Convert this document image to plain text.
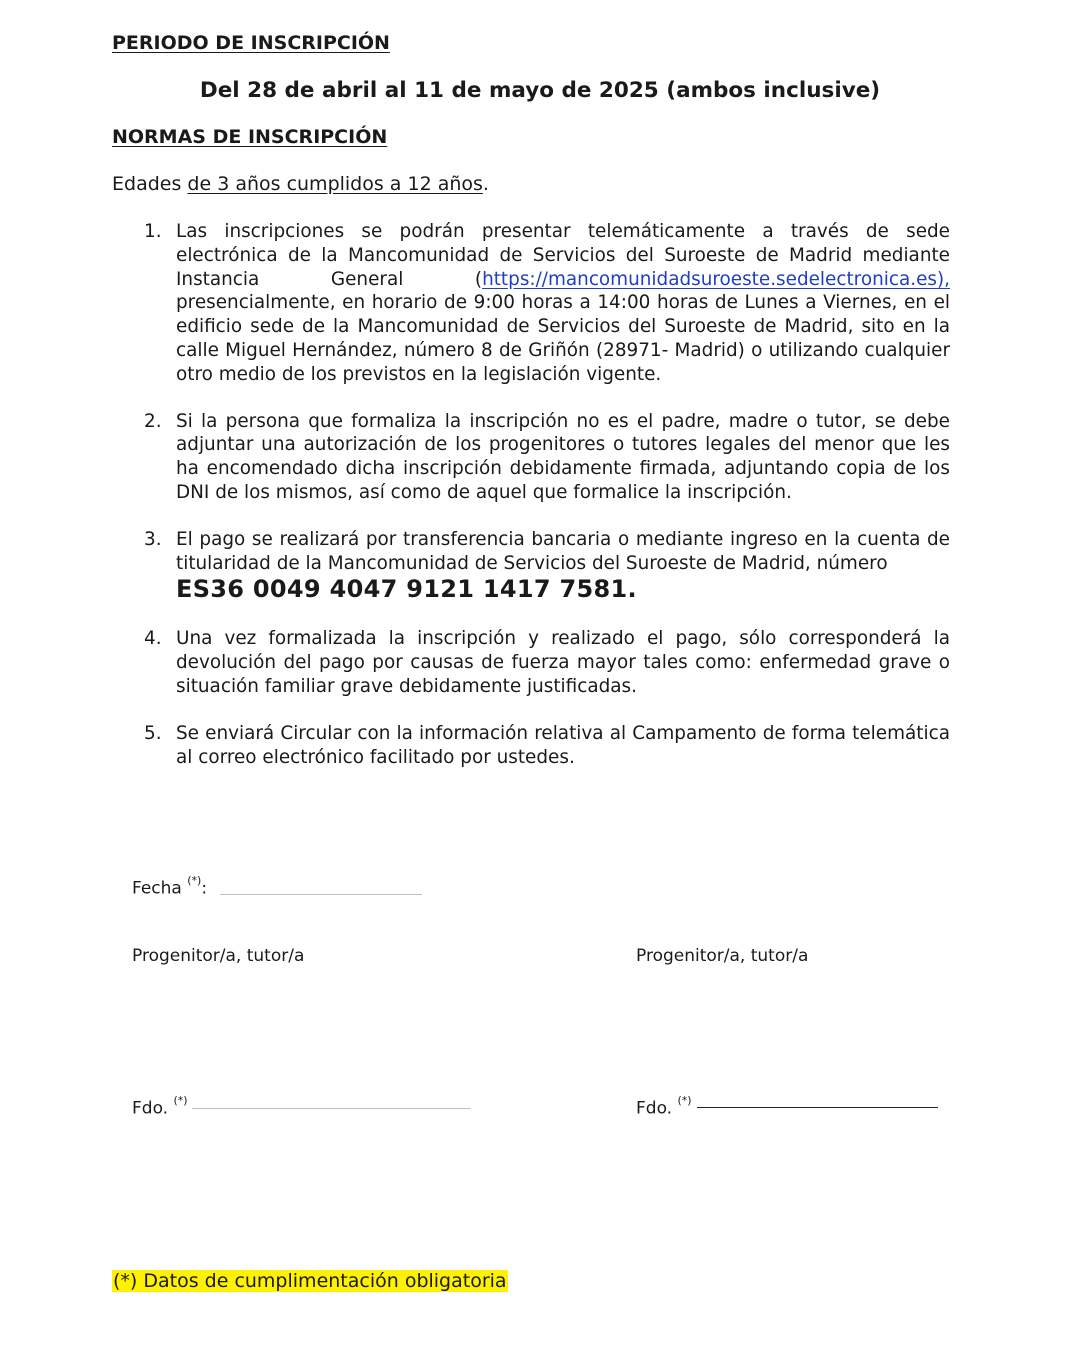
PERIODO DE INSCRIPCIÓN

Del 28 de abril al 11 de mayo de 2025 (ambos inclusive)

NORMAS DE INSCRIPCIÓN

Edades de 3 años cumplidos a 12 años.

1. Las inscripciones se podrán presentar telemáticamente a través de sede electrónica de la Mancomunidad de Servicios del Suroeste de Madrid mediante Instancia General (https://mancomunidadsuroeste.sedelectronica.es), presencialmente, en horario de 9:00 horas a 14:00 horas de Lunes a Viernes, en el edificio sede de la Mancomunidad de Servicios del Suroeste de Madrid, sito en la calle Miguel Hernández, número 8 de Griñón (28971- Madrid) o utilizando cualquier otro medio de los previstos en la legislación vigente.
2. Si la persona que formaliza la inscripción no es el padre, madre o tutor, se debe adjuntar una autorización de los progenitores o tutores legales del menor que les ha encomendado dicha inscripción debidamente firmada, adjuntando copia de los DNI de los mismos, así como de aquel que formalice la inscripción.
3. El pago se realizará por transferencia bancaria o mediante ingreso en la cuenta de titularidad de la Mancomunidad de Servicios del Suroeste de Madrid, número
ES36 0049 4047 9121 1417 7581.
4. Una vez formalizada la inscripción y realizado el pago, sólo corresponderá la devolución del pago por causas de fuerza mayor tales como: enfermedad grave o situación familiar grave debidamente justificadas.
5. Se enviará Circular con la información relativa al Campamento de forma telemática al correo electrónico facilitado por ustedes.

Fecha (*):

Progenitor/a, tutor/a	Progenitor/a, tutor/a

Fdo. (*)	Fdo. (*)

(*) Datos de cumplimentación obligatoria
